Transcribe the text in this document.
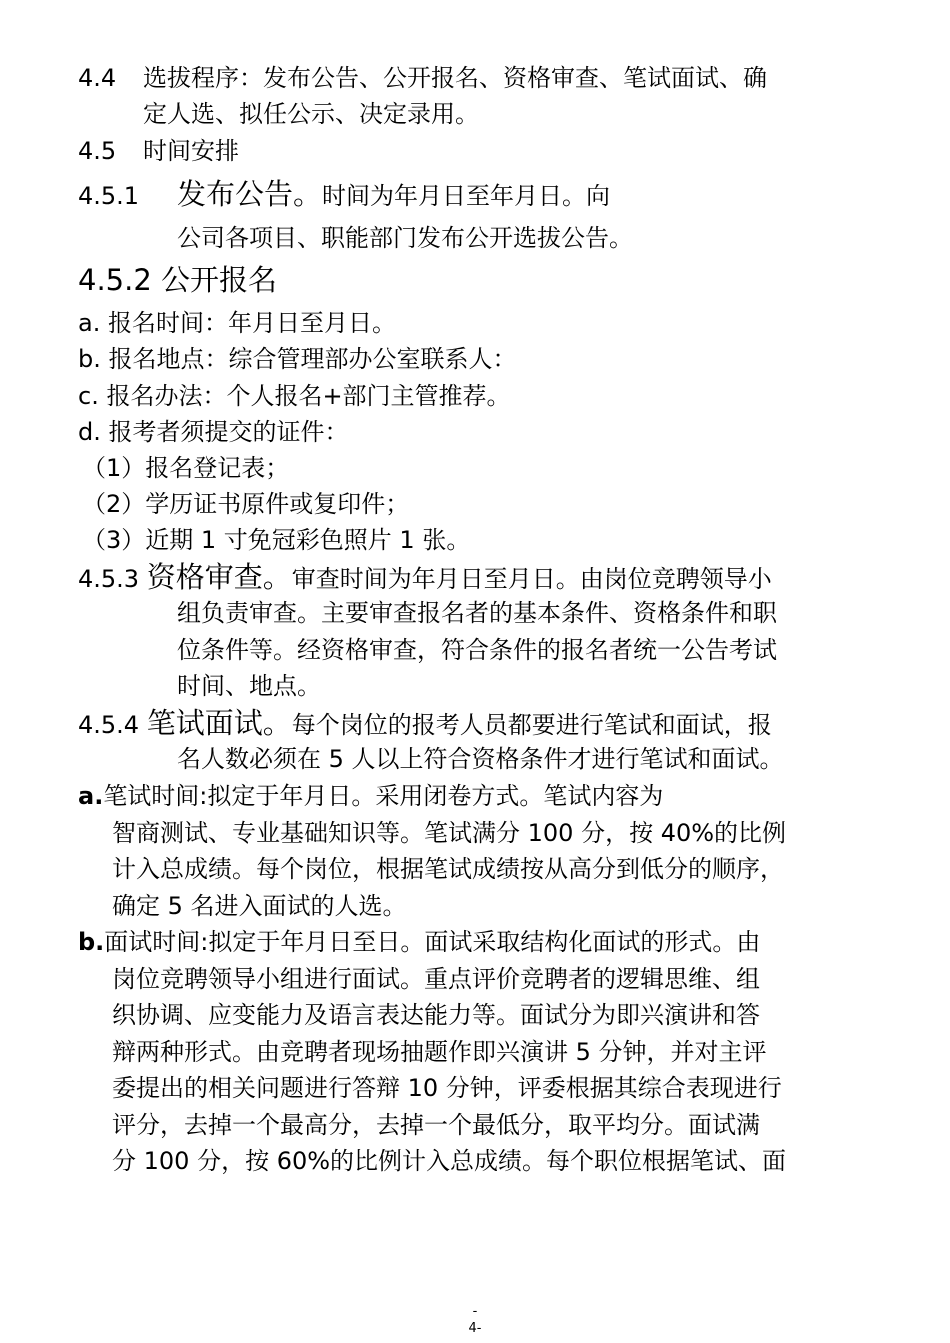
4.4 选拔程序：发布公告、公开报名、资格审查、笔试面试、确
定人选、拟任公示、决定录用。
4.5 时间安排
4.5.1 发布公告。时间为年月日至年月日。向
公司各项目、职能部门发布公开选拔公告。
4.5.2 公开报名
a. 报名时间：年月日至月日。
b. 报名地点：综合管理部办公室联系人：
c. 报名办法：个人报名+部门主管推荐。
d. 报考者须提交的证件：
（1）报名登记表；
（2）学历证书原件或复印件；
（3）近期 1 寸免冠彩色照片 1 张。
4.5.3 资格审查。审查时间为年月日至月日。由岗位竞聘领导小
组负责审查。主要审查报名者的基本条件、资格条件和职
位条件等。经资格审查，符合条件的报名者统一公告考试
时间、地点。
4.5.4 笔试面试。每个岗位的报考人员都要进行笔试和面试，报
名人数必须在 5 人以上符合资格条件才进行笔试和面试。
a.笔试时间:拟定于年月日。采用闭卷方式。笔试内容为
智商测试、专业基础知识等。笔试满分 100 分，按 40%的比例
计入总成绩。每个岗位，根据笔试成绩按从高分到低分的顺序，
确定 5 名进入面试的人选。
b.面试时间:拟定于年月日至日。面试采取结构化面试的形式。由
岗位竞聘领导小组进行面试。重点评价竞聘者的逻辑思维、组
织协调、应变能力及语言表达能力等。面试分为即兴演讲和答
辩两种形式。由竞聘者现场抽题作即兴演讲 5 分钟，并对主评
委提出的相关问题进行答辩 10 分钟，评委根据其综合表现进行
评分，去掉一个最高分，去掉一个最低分，取平均分。面试满
分 100 分，按 60%的比例计入总成绩。每个职位根据笔试、面
-
4-
